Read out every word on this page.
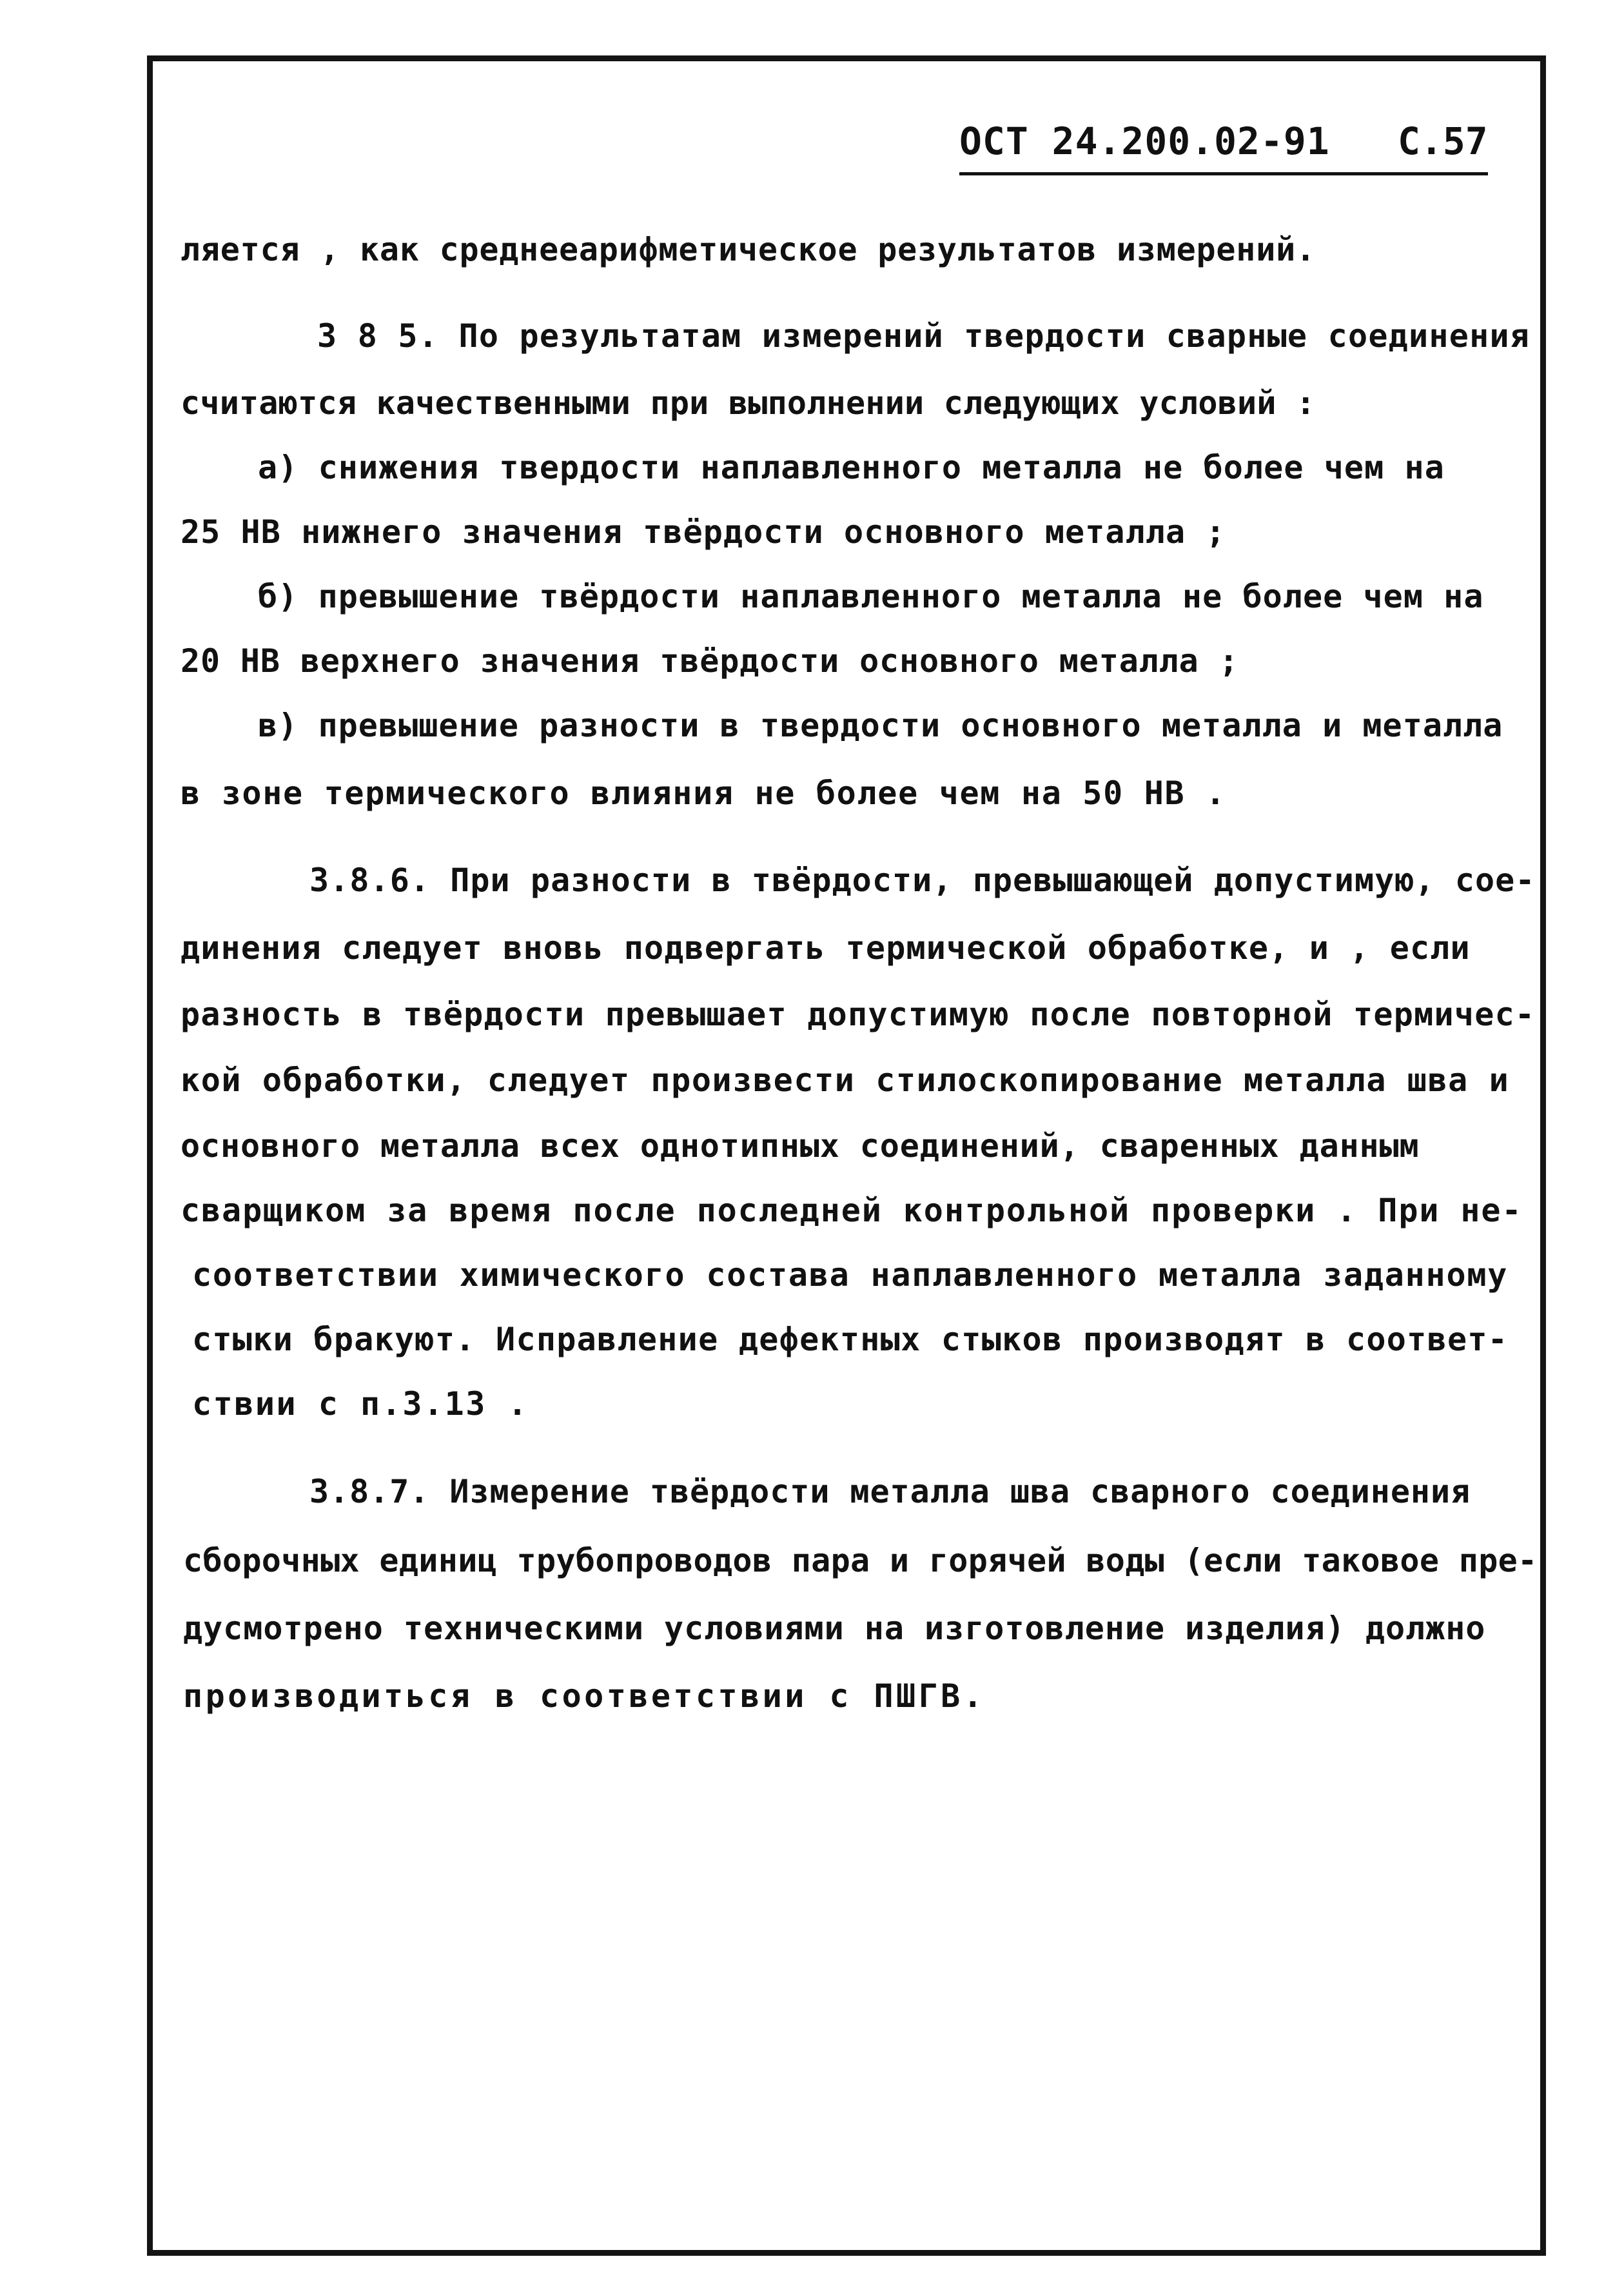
ОСТ 24.200.02-91 С.57
ляется , как среднееарифметическое результатов измерений.
3 8 5. По результатам измерений твердости сварные соединения
считаются качественными при выполнении следующих условий :
а) снижения твердости наплавленного металла не более чем на
25 НВ нижнего значения твёрдости основного металла ;
б) превышение твёрдости наплавленного металла не более чем на
20 НВ верхнего значения твёрдости основного металла ;
в) превышение разности в твердости основного металла и металла
в зоне термического влияния не более чем на 50 НВ .
3.8.6. При разности в твёрдости, превышающей допустимую, сое-
динения следует вновь подвергать термической обработке, и , если
разность в твёрдости превышает допустимую после повторной термичес-
кой обработки, следует произвести стилоскопирование металла шва и
основного металла всех однотипных соединений, сваренных данным
сварщиком за время после последней контрольной проверки . При не-
соответствии химического состава наплавленного металла заданному
стыки бракуют. Исправление дефектных стыков производят в соответ-
ствии с п.3.13 .
3.8.7. Измерение твёрдости металла шва сварного соединения
сборочных единиц трубопроводов пара и горячей воды (если таковое пре-
дусмотрено техническими условиями на изготовление изделия) должно
производиться в соответствии с ПШГВ.
